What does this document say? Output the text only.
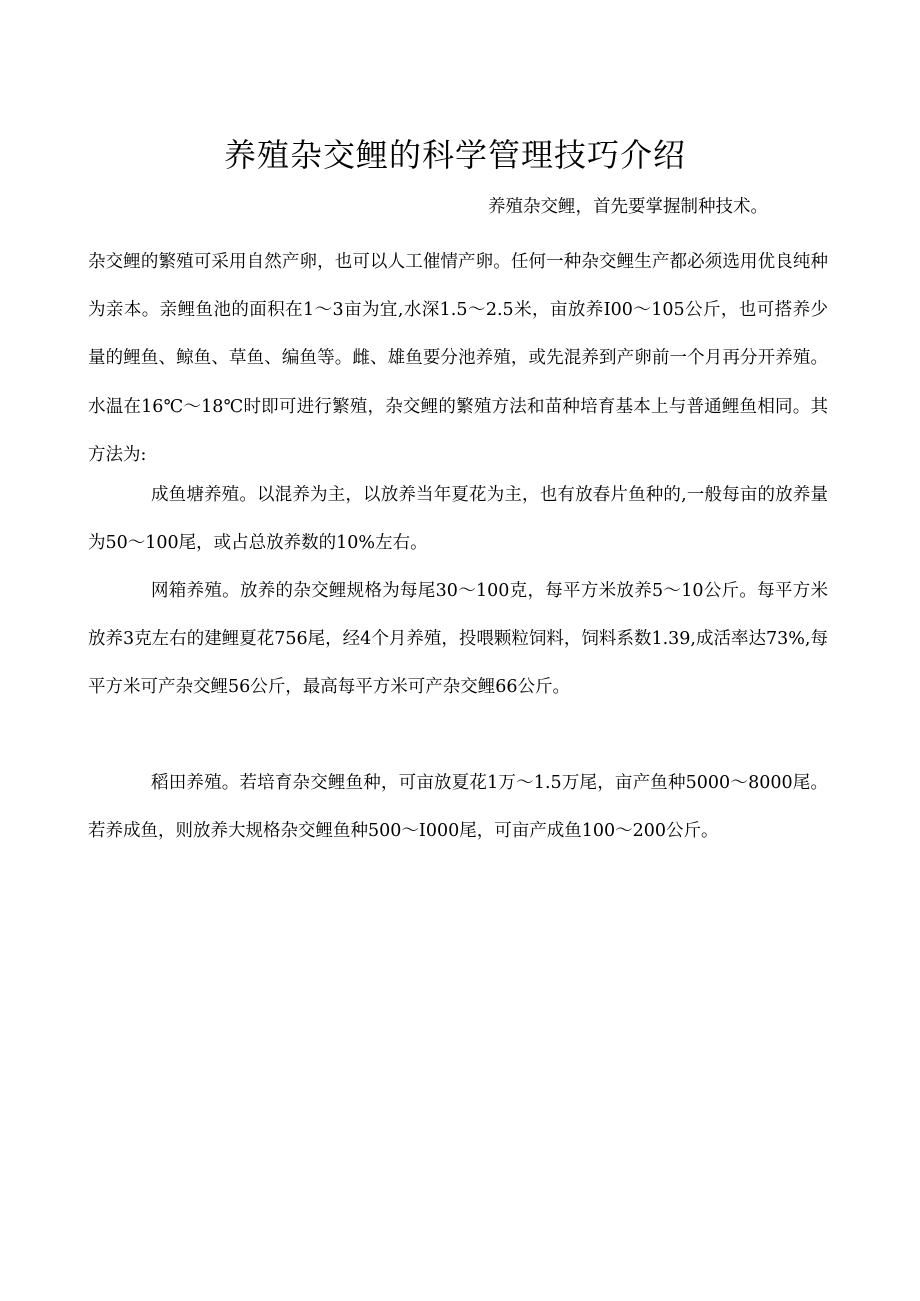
养殖杂交鲤的科学管理技巧介绍

养殖杂交鲤，首先要掌握制种技术。

杂交鲤的繁殖可采用自然产卵，也可以人工催情产卵。任何一种杂交鲤生产都必须选用优良纯种为亲本。亲鲤鱼池的面积在1～3亩为宜,水深1.5～2.5米，亩放养I00～105公斤，也可搭养少量的鲤鱼、鲸鱼、草鱼、编鱼等。雌、雄鱼要分池养殖，或先混养到产卵前一个月再分开养殖。水温在16℃～18℃时即可进行繁殖，杂交鲤的繁殖方法和苗种培育基本上与普通鲤鱼相同。其方法为:

成鱼塘养殖。以混养为主，以放养当年夏花为主，也有放春片鱼种的,一般每亩的放养量为50～100尾，或占总放养数的10%左右。

网箱养殖。放养的杂交鲤规格为每尾30～100克，每平方米放养5～10公斤。每平方米放养3克左右的建鲤夏花756尾，经4个月养殖，投喂颗粒饲料，饲料系数1.39,成活率达73%,每平方米可产杂交鲤56公斤，最高每平方米可产杂交鲤66公斤。

稻田养殖。若培育杂交鲤鱼种，可亩放夏花1万～1.5万尾，亩产鱼种5000～8000尾。若养成鱼，则放养大规格杂交鲤鱼种500～I000尾，可亩产成鱼100～200公斤。
